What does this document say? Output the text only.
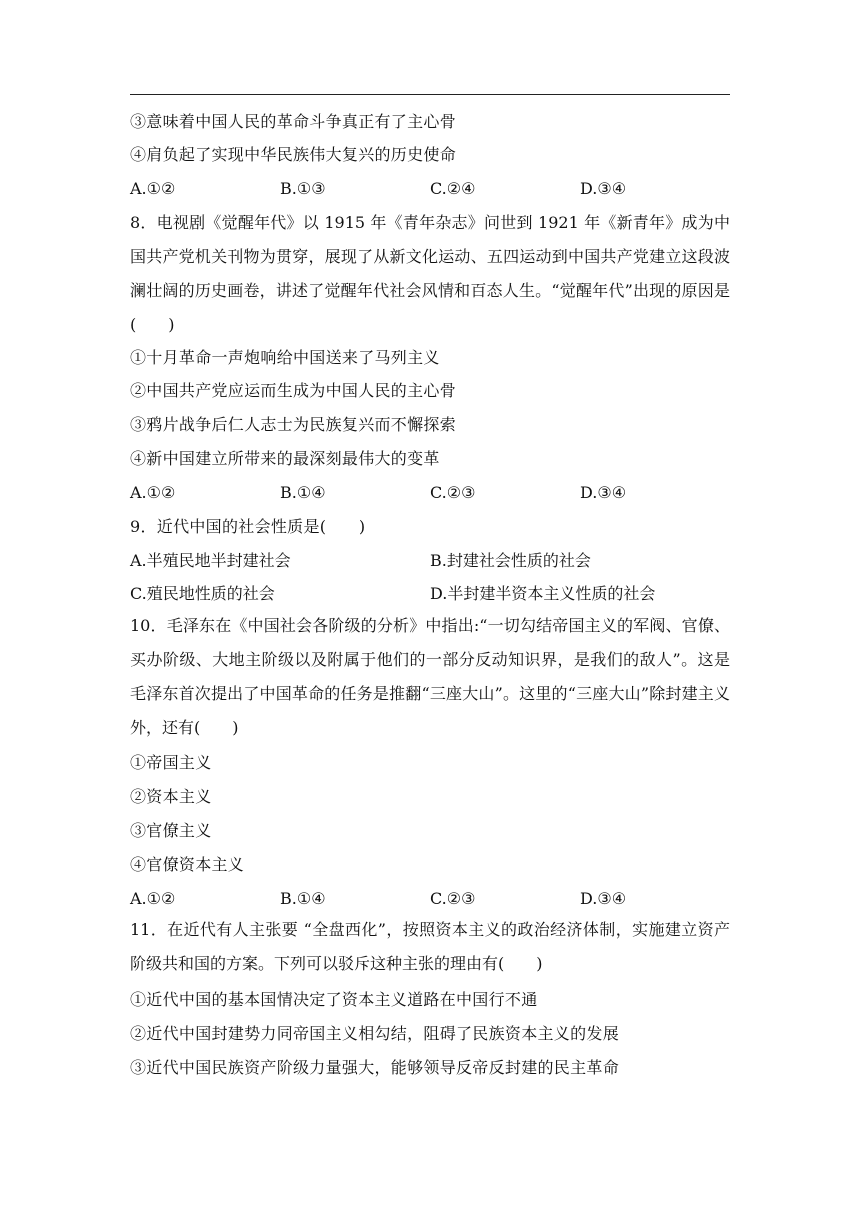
③意味着中国人民的革命斗争真正有了主心骨
④肩负起了实现中华民族伟大复兴的历史使命
A.①②	B.①③	C.②④	D.③④
8．电视剧《觉醒年代》以 1915 年《青年杂志》问世到 1921 年《新青年》成为中国共产党机关刊物为贯穿，展现了从新文化运动、五四运动到中国共产党建立这段波澜壮阔的历史画卷，讲述了觉醒年代社会风情和百态人生。“觉醒年代”出现的原因是(　　)
①十月革命一声炮响给中国送来了马列主义
②中国共产党应运而生成为中国人民的主心骨
③鸦片战争后仁人志士为民族复兴而不懈探索
④新中国建立所带来的最深刻最伟大的变革
A.①②	B.①④	C.②③	D.③④
9．近代中国的社会性质是(　　)
A.半殖民地半封建社会	B.封建社会性质的社会
C.殖民地性质的社会	D.半封建半资本主义性质的社会
10．毛泽东在《中国社会各阶级的分析》中指出:“一切勾结帝国主义的军阀、官僚、买办阶级、大地主阶级以及附属于他们的一部分反动知识界，是我们的敌人”。这是毛泽东首次提出了中国革命的任务是推翻“三座大山”。这里的“三座大山”除封建主义外，还有(　　)
①帝国主义
②资本主义
③官僚主义
④官僚资本主义
A.①②	B.①④	C.②③	D.③④
11．在近代有人主张要 “全盘西化”，按照资本主义的政治经济体制，实施建立资产阶级共和国的方案。下列可以驳斥这种主张的理由有(　　)
①近代中国的基本国情决定了资本主义道路在中国行不通
②近代中国封建势力同帝国主义相勾结，阻碍了民族资本主义的发展
③近代中国民族资产阶级力量强大，能够领导反帝反封建的民主革命
